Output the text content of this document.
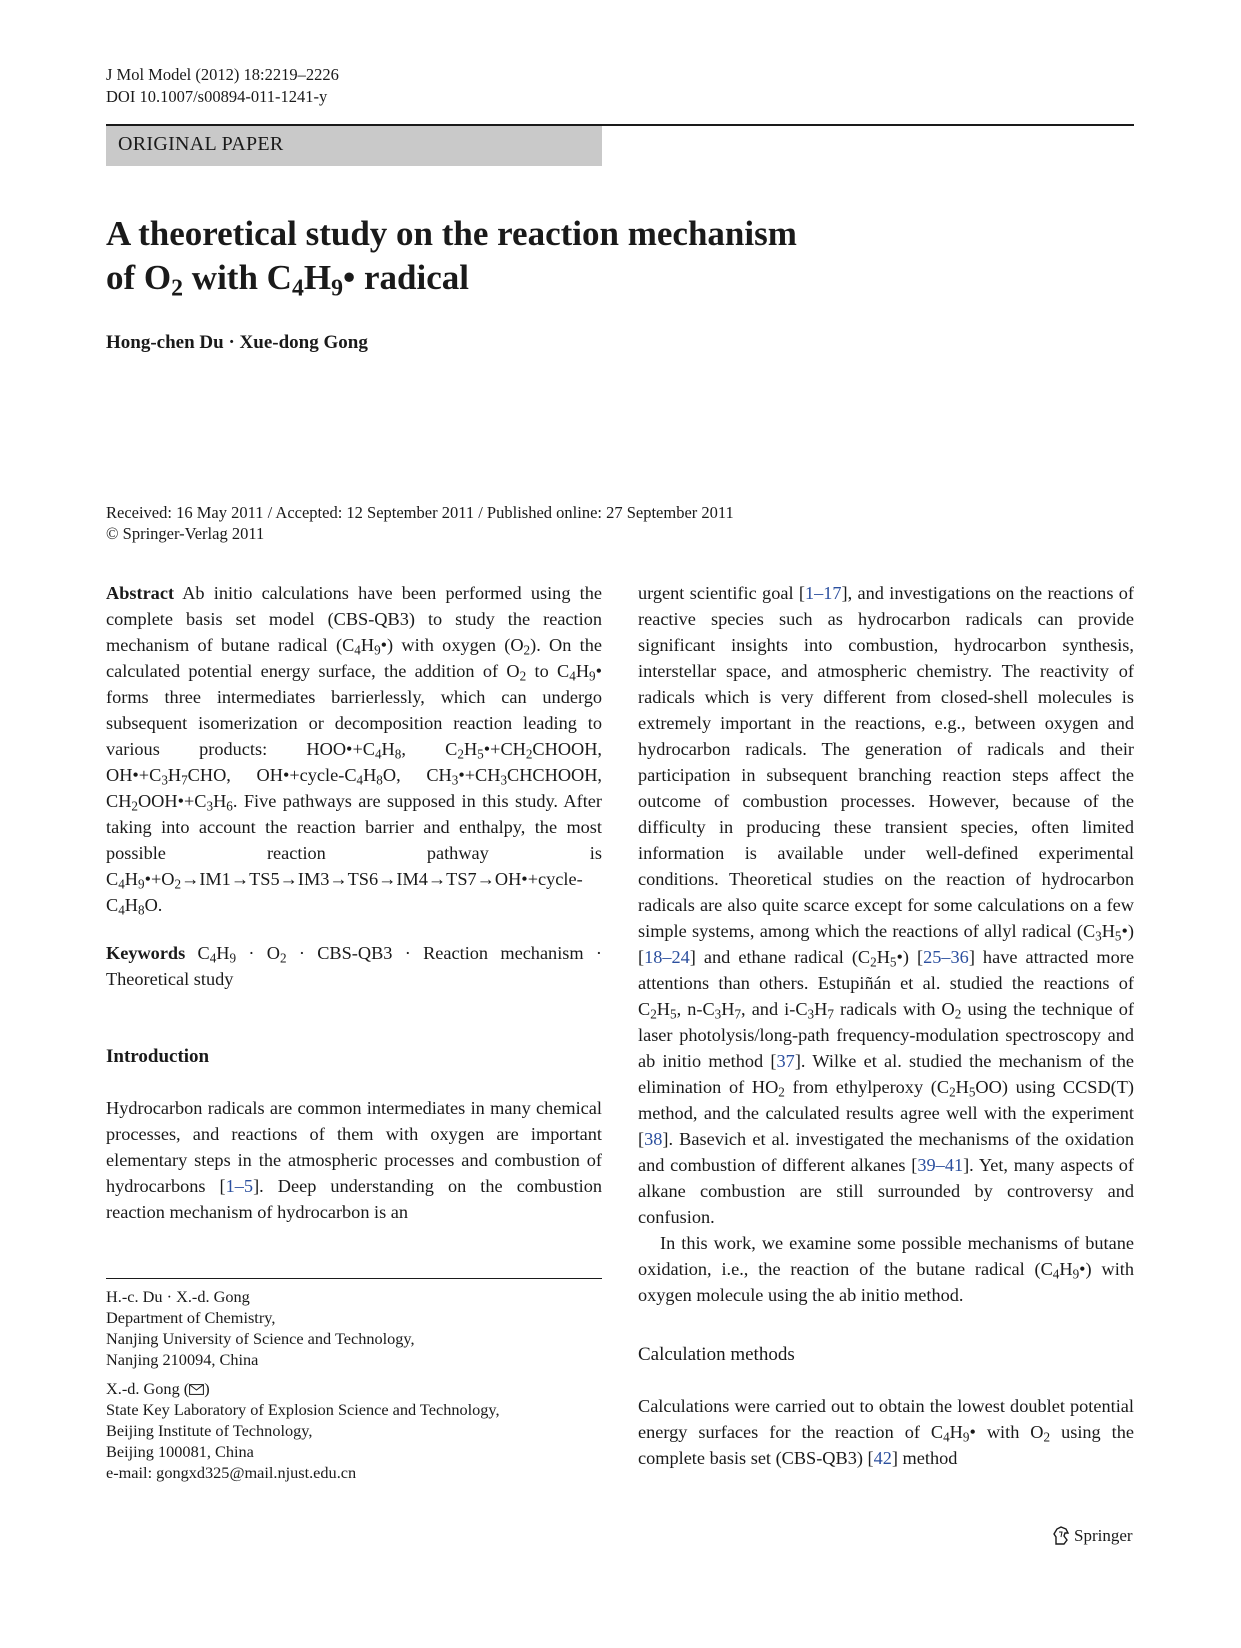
J Mol Model (2012) 18:2219–2226
DOI 10.1007/s00894-011-1241-y
ORIGINAL PAPER
A theoretical study on the reaction mechanism
of $O_2$ with $C_4H_9•$ radical
Hong-chen Du · Xue-dong Gong
Received: 16 May 2011 / Accepted: 12 September 2011 / Published online: 27 September 2011
© Springer-Verlag 2011

Abstract Ab initio calculations have been performed using the complete basis set model (CBS-QB3) to study the reaction mechanism of butane radical $(C_4H_9•)$ with oxygen $(O_2)$. On the calculated potential energy surface, the addition of $O_2$ to $C_4H_9•$ forms three intermediates barrierlessly, which can undergo subsequent isomerization or decomposition reaction leading to various products: $HOO•+C_4H_8$, $C_2H_5•+CH_2CHOOH$, $OH•+C_3H_7CHO$, $OH•+cycle-C_4H_8O$, $CH_3•+CH_3CHCHOOH$, $CH_2OOH•+C_3H_6$. Five pathways are supposed in this study. After taking into account the reaction barrier and enthalpy, the most possible reaction pathway is $C_4H_9•+O_2\to IM1\to TS5\to IM3\to TS6\to IM4\to TS7\to OH•+cycle-C_4H_8O$.

Keywords $C_4H_9 \cdot O_2 \cdot CBS-QB3$ · Reaction mechanism · Theoretical study

Introduction

Hydrocarbon radicals are common intermediates in many chemical processes, and reactions of them with oxygen are important elementary steps in the atmospheric processes and combustion of hydrocarbons [1–5]. Deep understanding on the combustion reaction mechanism of hydrocarbon is an

H.-c. Du · X.-d. Gong
Department of Chemistry,
Nanjing University of Science and Technology,
Nanjing 210094, China
X.-d. Gong ( )
State Key Laboratory of Explosion Science and Technology,
Beijing Institute of Technology,
Beijing 100081, China
e-mail: gongxd325@mail.njust.edu.cn

urgent scientific goal [1–17], and investigations on the reactions of reactive species such as hydrocarbon radicals can provide significant insights into combustion, hydrocarbon synthesis, interstellar space, and atmospheric chemistry. The reactivity of radicals which is very different from closed-shell molecules is extremely important in the reactions, e.g., between oxygen and hydrocarbon radicals. The generation of radicals and their participation in subsequent branching reaction steps affect the outcome of combustion processes. However, because of the difficulty in producing these transient species, often limited information is available under well-defined experimental conditions. Theoretical studies on the reaction of hydrocarbon radicals are also quite scarce except for some calculations on a few simple systems, among which the reactions of allyl radical $(C_3H_5•)$ [18–24] and ethane radical $(C_2H_5•)$ [25–36] have attracted more attentions than others. Estupiñán et al. studied the reactions of $C_2H_5$, $n-C_3H_7$, and $i-C_3H_7$ radicals with $O_2$ using the technique of laser photolysis/long-path frequency-modulation spectroscopy and ab initio method [37]. Wilke et al. studied the mechanism of the elimination of $HO_2$ from ethylperoxy $(C_2H_5OO)$ using CCSD(T) method, and the calculated results agree well with the experiment [38]. Basevich et al. investigated the mechanisms of the oxidation and combustion of different alkanes [39–41]. Yet, many aspects of alkane combustion are still surrounded by controversy and confusion.

In this work, we examine some possible mechanisms of butane oxidation, i.e., the reaction of the butane radical $(C_4H_9•)$ with oxygen molecule using the ab initio method.

Calculation methods

Calculations were carried out to obtain the lowest doublet potential energy surfaces for the reaction of $C_4H_9•$ with $O_2$ using the complete basis set (CBS-QB3) [42] method

Springer
